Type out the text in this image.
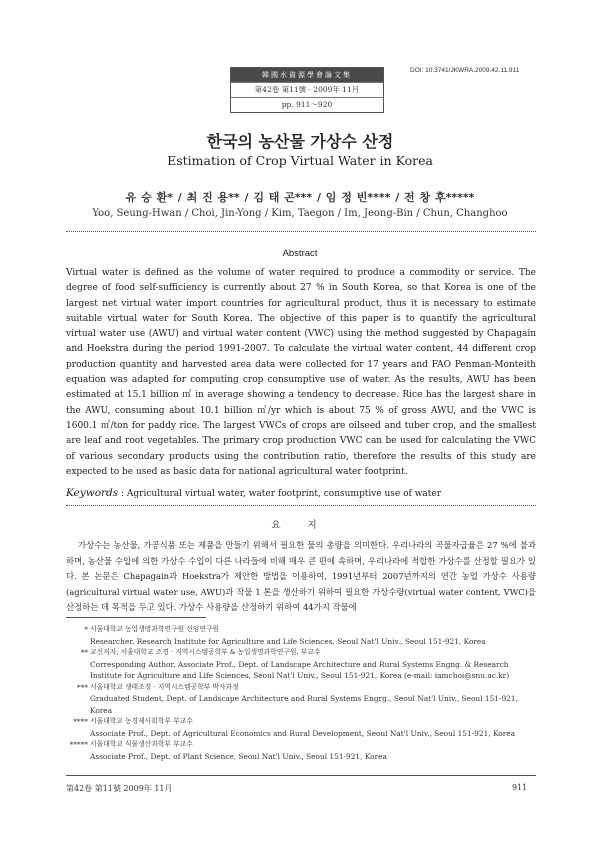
DOI: 10.3741/JKWRA.2009.42.11.911
韓國水資源學會論文集
第42卷 第11號 · 2009年 11月
pp. 911～920
한국의 농산물 가상수 산정
Estimation of Crop Virtual Water in Korea
유 승 환* / 최 진 용** / 김 태 곤*** / 임 정 빈**** / 전 창 후*****
Yoo, Seung-Hwan / Choi, Jin-Yong / Kim, Taegon / Im, Jeong-Bin / Chun, Changhoo
Abstract
Virtual water is defined as the volume of water required to produce a commodity or service. The degree of food self-sufficiency is currently about 27 % in South Korea, so that Korea is one of the largest net virtual water import countries for agricultural product, thus it is necessary to estimate suitable virtual water for South Korea. The objective of this paper is to quantify the agricultural virtual water use (AWU) and virtual water content (VWC) using the method suggested by Chapagain and Hoekstra during the period 1991-2007. To calculate the virtual water content, 44 different crop production quantity and harvested area data were collected for 17 years and FAO Penman-Monteith equation was adapted for computing crop consumptive use of water. As the results, AWU has been estimated at 15.1 billion ㎥ in average showing a tendency to decrease. Rice has the largest share in the AWU, consuming about 10.1 billion ㎥/yr which is about 75 % of gross AWU, and the VWC is 1600.1 ㎥/ton for paddy rice. The largest VWCs of crops are oilseed and tuber crop, and the smallest are leaf and root vegetables. The primary crop production VWC can be used for calculating the VWC of various secondary products using the contribution ratio, therefore the results of this study are expected to be used as basic data for national agricultural water footprint.
Keywords : Agricultural virtual water, water footprint, consumptive use of water
요 지
가상수는 농산물, 가공식품 또는 제품을 만들기 위해서 필요한 물의 총량을 의미한다. 우리나라의 곡물자급율은 27 %에 불과하며, 농산물 수입에 의한 가상수 수입이 다른 나라들에 비해 매우 큰 편에 속하며, 우리나라에 적합한 가상수를 산정할 필요가 있다. 본 논문은 Chapagain과 Hoekstra가 제안한 방법을 이용하여, 1991년부터 2007년까지의 연간 농업 가상수 사용량(agricultural virtual water use, AWU)과 작물 1 톤을 생산하기 위하여 필요한 가상수량(virtual water content, VWC)을 산정하는 데 목적을 두고 있다. 가상수 사용량을 산정하기 위하여 44가지 작물에
* 서울대학교 농업생명과학연구원 선임연구원
Researcher, Research Institute for Agriculture and Life Sciences, Seoul Nat'l Univ., Seoul 151-921, Korea
** 교신저자, 서울대학교 조경 · 지역시스템공학부 & 농업생명과학연구원, 부교수
Corresponding Author, Associate Prof., Dept. of Landscape Architecture and Rural Systems Engng. & Research Institute for Agriculture and Life Sciences, Seoul Nat'l Univ., Seoul 151-921, Korea (e-mail: iamchoi@snu.ac.kr)
*** 서울대학교 생태조경 · 지역시스템공학부 박사과정
Graduated Student, Dept. of Landscape Architecture and Rural Systems Engrg., Seoul Nat'l Univ., Seoul 151-921, Korea
**** 서울대학교 농경제사회학부 부교수
Associate Prof., Dept. of Agricultural Economics and Rural Development, Seoul Nat'l Univ., Seoul 151-921, Korea
***** 서울대학교 식물생산과학부 부교수
Associate Prof., Dept. of Plant Science, Seoul Nat'l Univ., Seoul 151-921, Korea
第42卷 第11號 2009年 11月	911
